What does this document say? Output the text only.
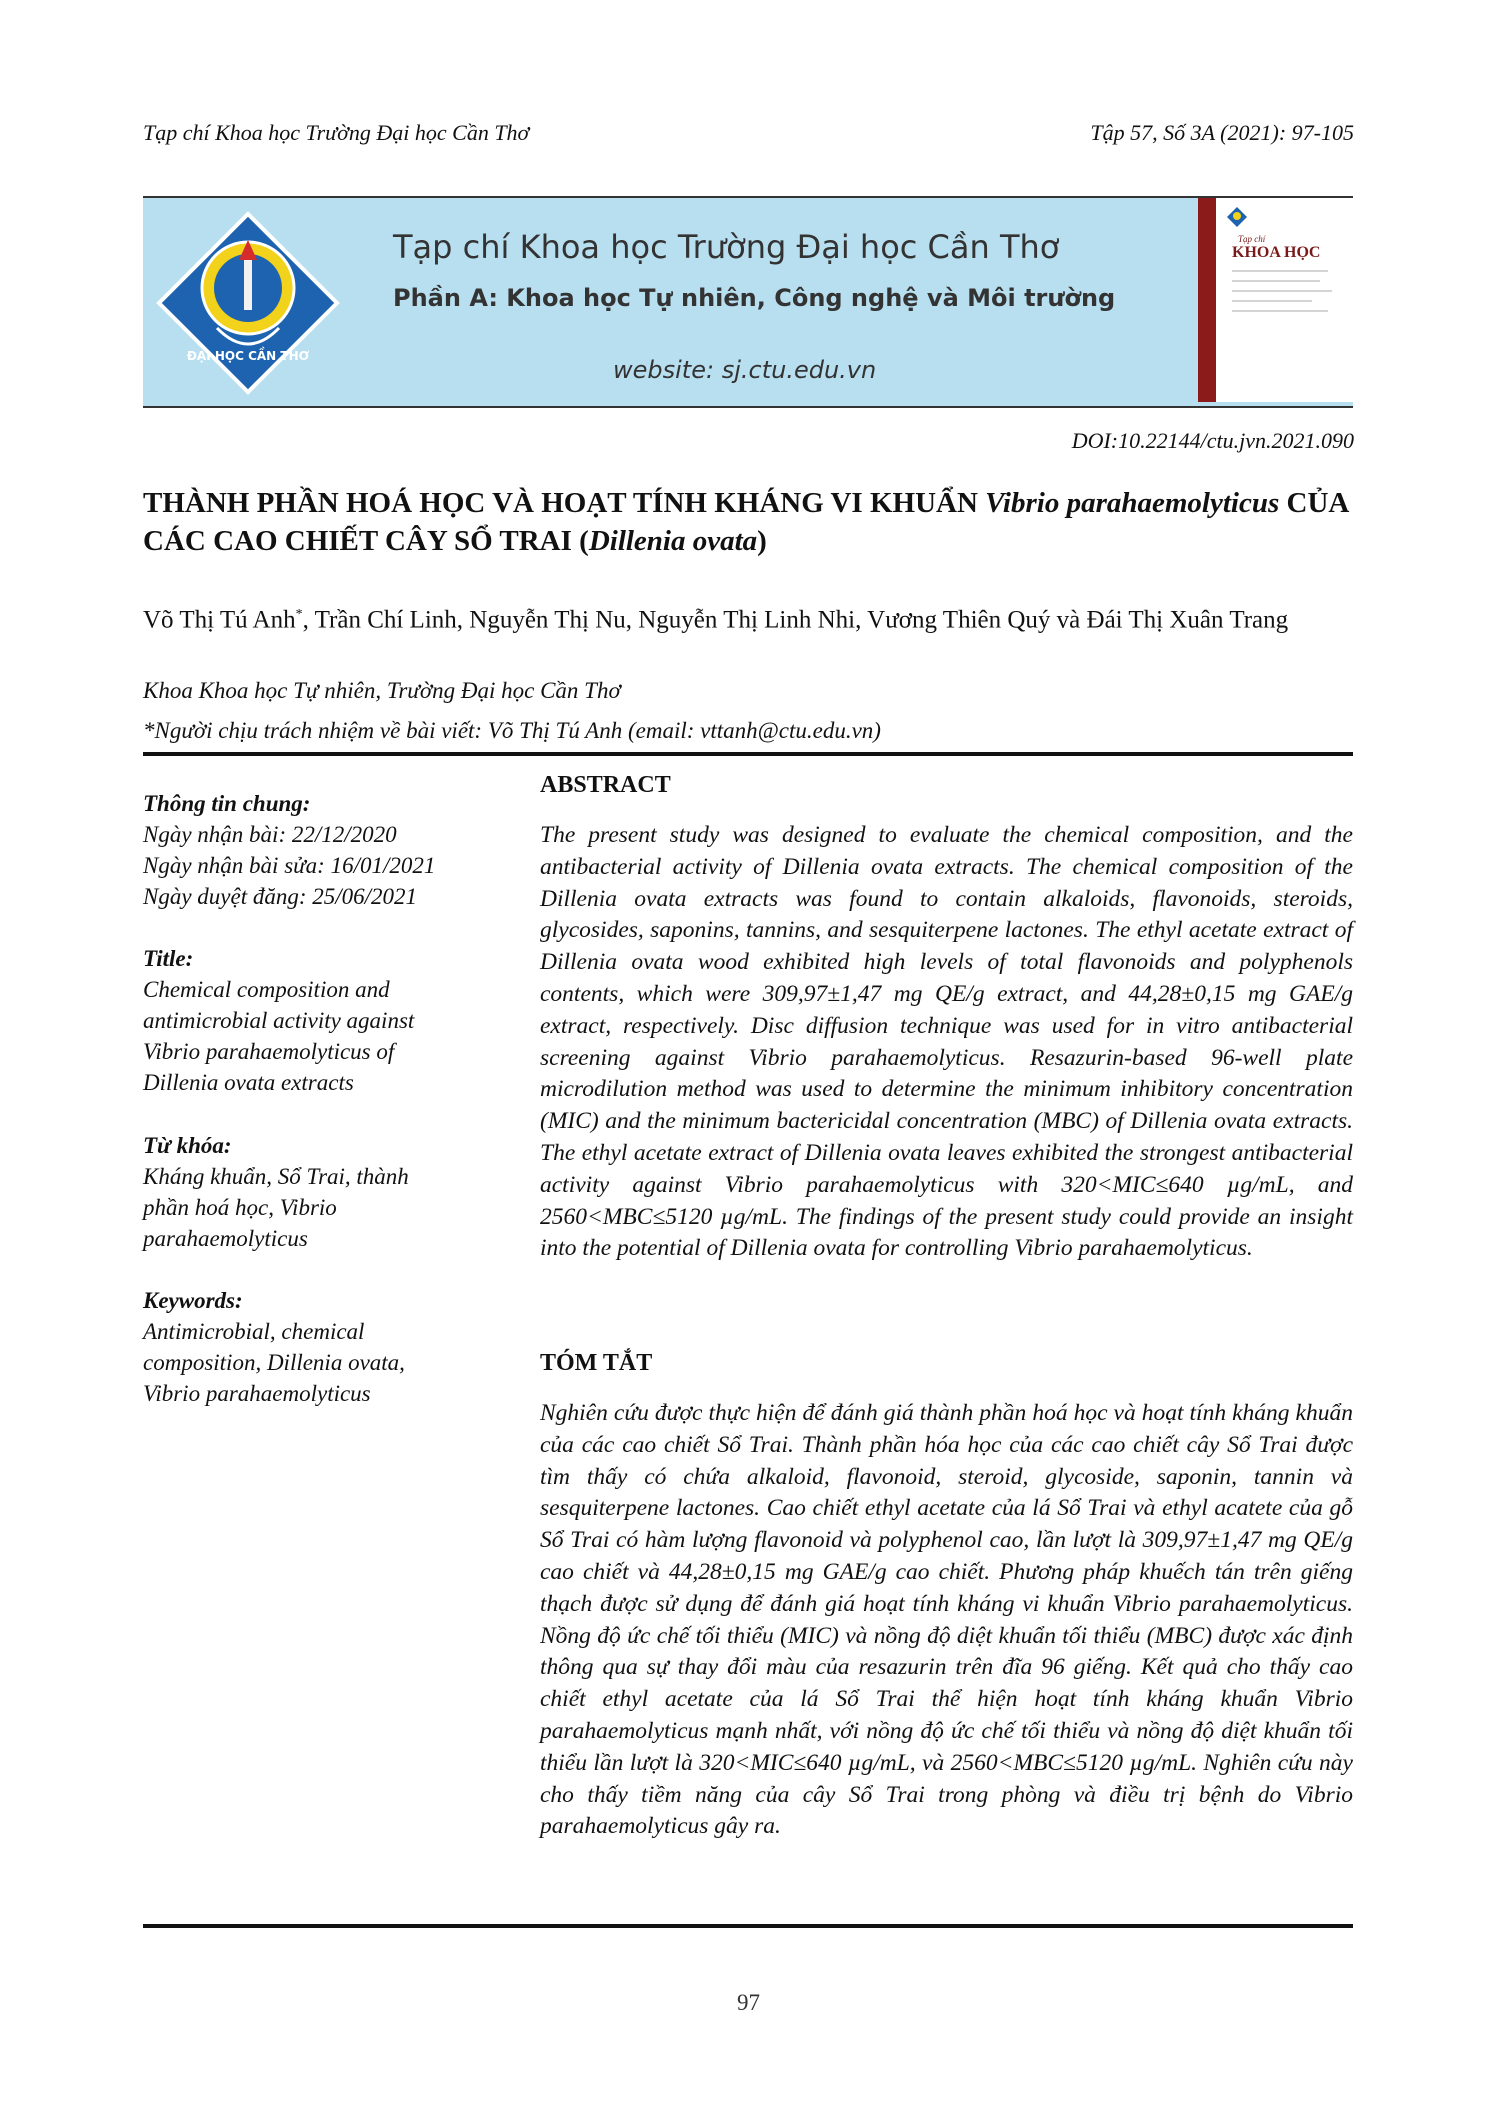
Tạp chí Khoa học Trường Đại học Cần Thơ	Tập 57, Số 3A (2021): 97-105
ĐẠI HỌC CẦN THƠ
Tạp chí Khoa học Trường Đại học Cần Thơ
Phần A: Khoa học Tự nhiên, Công nghệ và Môi trường
website: sj.ctu.edu.vn
Tạp chí
KHOA HỌC
DOI:10.22144/ctu.jvn.2021.090
THÀNH PHẦN HOÁ HỌC VÀ HOẠT TÍNH KHÁNG VI KHUẨN Vibrio parahaemolyticus CỦA CÁC CAO CHIẾT CÂY SỔ TRAI (Dillenia ovata)
Võ Thị Tú Anh*, Trần Chí Linh, Nguyễn Thị Nu, Nguyễn Thị Linh Nhi, Vương Thiên Quý và Đái Thị Xuân Trang
Khoa Khoa học Tự nhiên, Trường Đại học Cần Thơ
*Người chịu trách nhiệm về bài viết: Võ Thị Tú Anh (email: vttanh@ctu.edu.vn)
Thông tin chung:
Ngày nhận bài: 22/12/2020
Ngày nhận bài sửa: 16/01/2021
Ngày duyệt đăng: 25/06/2021
Title:
Chemical composition and
antimicrobial activity against
Vibrio parahaemolyticus of
Dillenia ovata extracts
Từ khóa:
Kháng khuẩn, Sổ Trai, thành
phần hoá học, Vibrio
parahaemolyticus
Keywords:
Antimicrobial, chemical
composition, Dillenia ovata,
Vibrio parahaemolyticus
ABSTRACT
The present study was designed to evaluate the chemical composition, and the antibacterial activity of Dillenia ovata extracts. The chemical composition of the Dillenia ovata extracts was found to contain alkaloids, flavonoids, steroids, glycosides, saponins, tannins, and sesquiterpene lactones. The ethyl acetate extract of Dillenia ovata wood exhibited high levels of total flavonoids and polyphenols contents, which were 309,97±1,47 mg QE/g extract, and 44,28±0,15 mg GAE/g extract, respectively. Disc diffusion technique was used for in vitro antibacterial screening against Vibrio parahaemolyticus. Resazurin-based 96-well plate microdilution method was used to determine the minimum inhibitory concentration (MIC) and the minimum bactericidal concentration (MBC) of Dillenia ovata extracts. The ethyl acetate extract of Dillenia ovata leaves exhibited the strongest antibacterial activity against Vibrio parahaemolyticus with 320<MIC≤640 µg/mL, and 2560<MBC≤5120 µg/mL. The findings of the present study could provide an insight into the potential of Dillenia ovata for controlling Vibrio parahaemolyticus.
TÓM TẮT
Nghiên cứu được thực hiện để đánh giá thành phần hoá học và hoạt tính kháng khuẩn của các cao chiết Sổ Trai. Thành phần hóa học của các cao chiết cây Sổ Trai được tìm thấy có chứa alkaloid, flavonoid, steroid, glycoside, saponin, tannin và sesquiterpene lactones. Cao chiết ethyl acetate của lá Sổ Trai và ethyl acatete của gỗ Sổ Trai có hàm lượng flavonoid và polyphenol cao, lần lượt là 309,97±1,47 mg QE/g cao chiết và 44,28±0,15 mg GAE/g cao chiết. Phương pháp khuếch tán trên giếng thạch được sử dụng để đánh giá hoạt tính kháng vi khuẩn Vibrio parahaemolyticus. Nồng độ ức chế tối thiểu (MIC) và nồng độ diệt khuẩn tối thiểu (MBC) được xác định thông qua sự thay đổi màu của resazurin trên đĩa 96 giếng. Kết quả cho thấy cao chiết ethyl acetate của lá Sổ Trai thể hiện hoạt tính kháng khuẩn Vibrio parahaemolyticus mạnh nhất, với nồng độ ức chế tối thiểu và nồng độ diệt khuẩn tối thiểu lần lượt là 320<MIC≤640 µg/mL, và 2560<MBC≤5120 µg/mL. Nghiên cứu này cho thấy tiềm năng của cây Sổ Trai trong phòng và điều trị bệnh do Vibrio parahaemolyticus gây ra.
97
